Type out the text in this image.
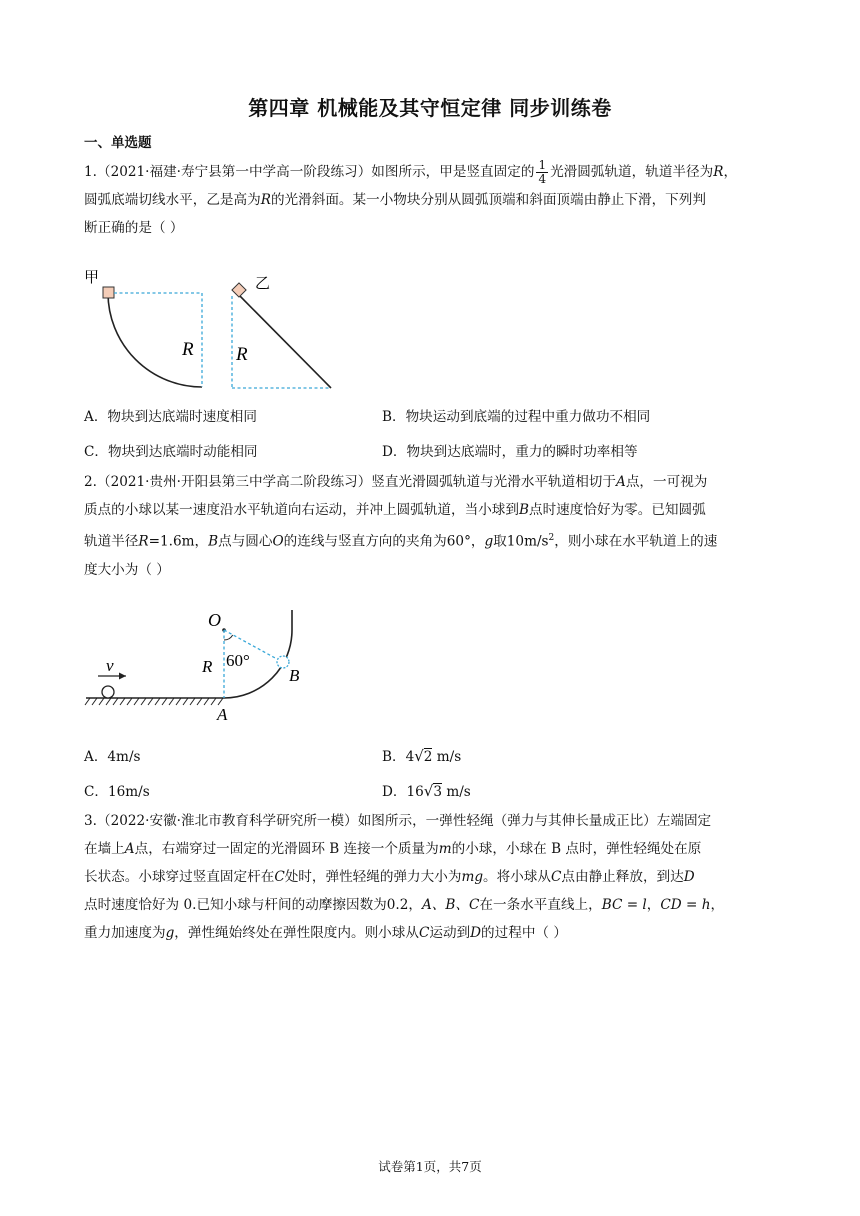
第四章 机械能及其守恒定律 同步训练卷
一、单选题
1.（2021·福建·寿宁县第一中学高一阶段练习）如图所示，甲是竖直固定的 $\frac{1}{4}$ 光滑圆弧轨道，轨道半径为R，
圆弧底端切线水平，乙是高为R的光滑斜面。某一小物块分别从圆弧顶端和斜面顶端由静止下滑，下列判
断正确的是（ ）
甲
R
乙
R
A．物块到达底端时速度相同	B．物块运动到底端的过程中重力做功不相同
C．物块到达底端时动能相同	D．物块到达底端时，重力的瞬时功率相等
2.（2021·贵州·开阳县第三中学高二阶段练习）竖直光滑圆弧轨道与光滑水平轨道相切于A点，一可视为
质点的小球以某一速度沿水平轨道向右运动，并冲上圆弧轨道，当小球到B点时速度恰好为零。已知圆弧
轨道半径R=1.6m，B点与圆心O的连线与竖直方向的夹角为60°，g取$10m/s^2$，则小球在水平轨道上的速
度大小为（ ）
v
O
60°
R	B
A
A．4m/s	B．4√2 m/s
C．16m/s	D．16√3 m/s
3.（2022·安徽·淮北市教育科学研究所一模）如图所示，一弹性轻绳（弹力与其伸长量成正比）左端固定
在墙上A点，右端穿过一固定的光滑圆环 B 连接一个质量为m的小球，小球在 B 点时，弹性轻绳处在原
长状态。小球穿过竖直固定杆在C处时，弹性轻绳的弹力大小为mg。将小球从C点由静止释放，到达D
点时速度恰好为 0.已知小球与杆间的动摩擦因数为0.2，A、B、C在一条水平直线上，BC = l，CD = h，
重力加速度为g，弹性绳始终处在弹性限度内。则小球从C运动到D的过程中（ ）
试卷第1页，共7页
